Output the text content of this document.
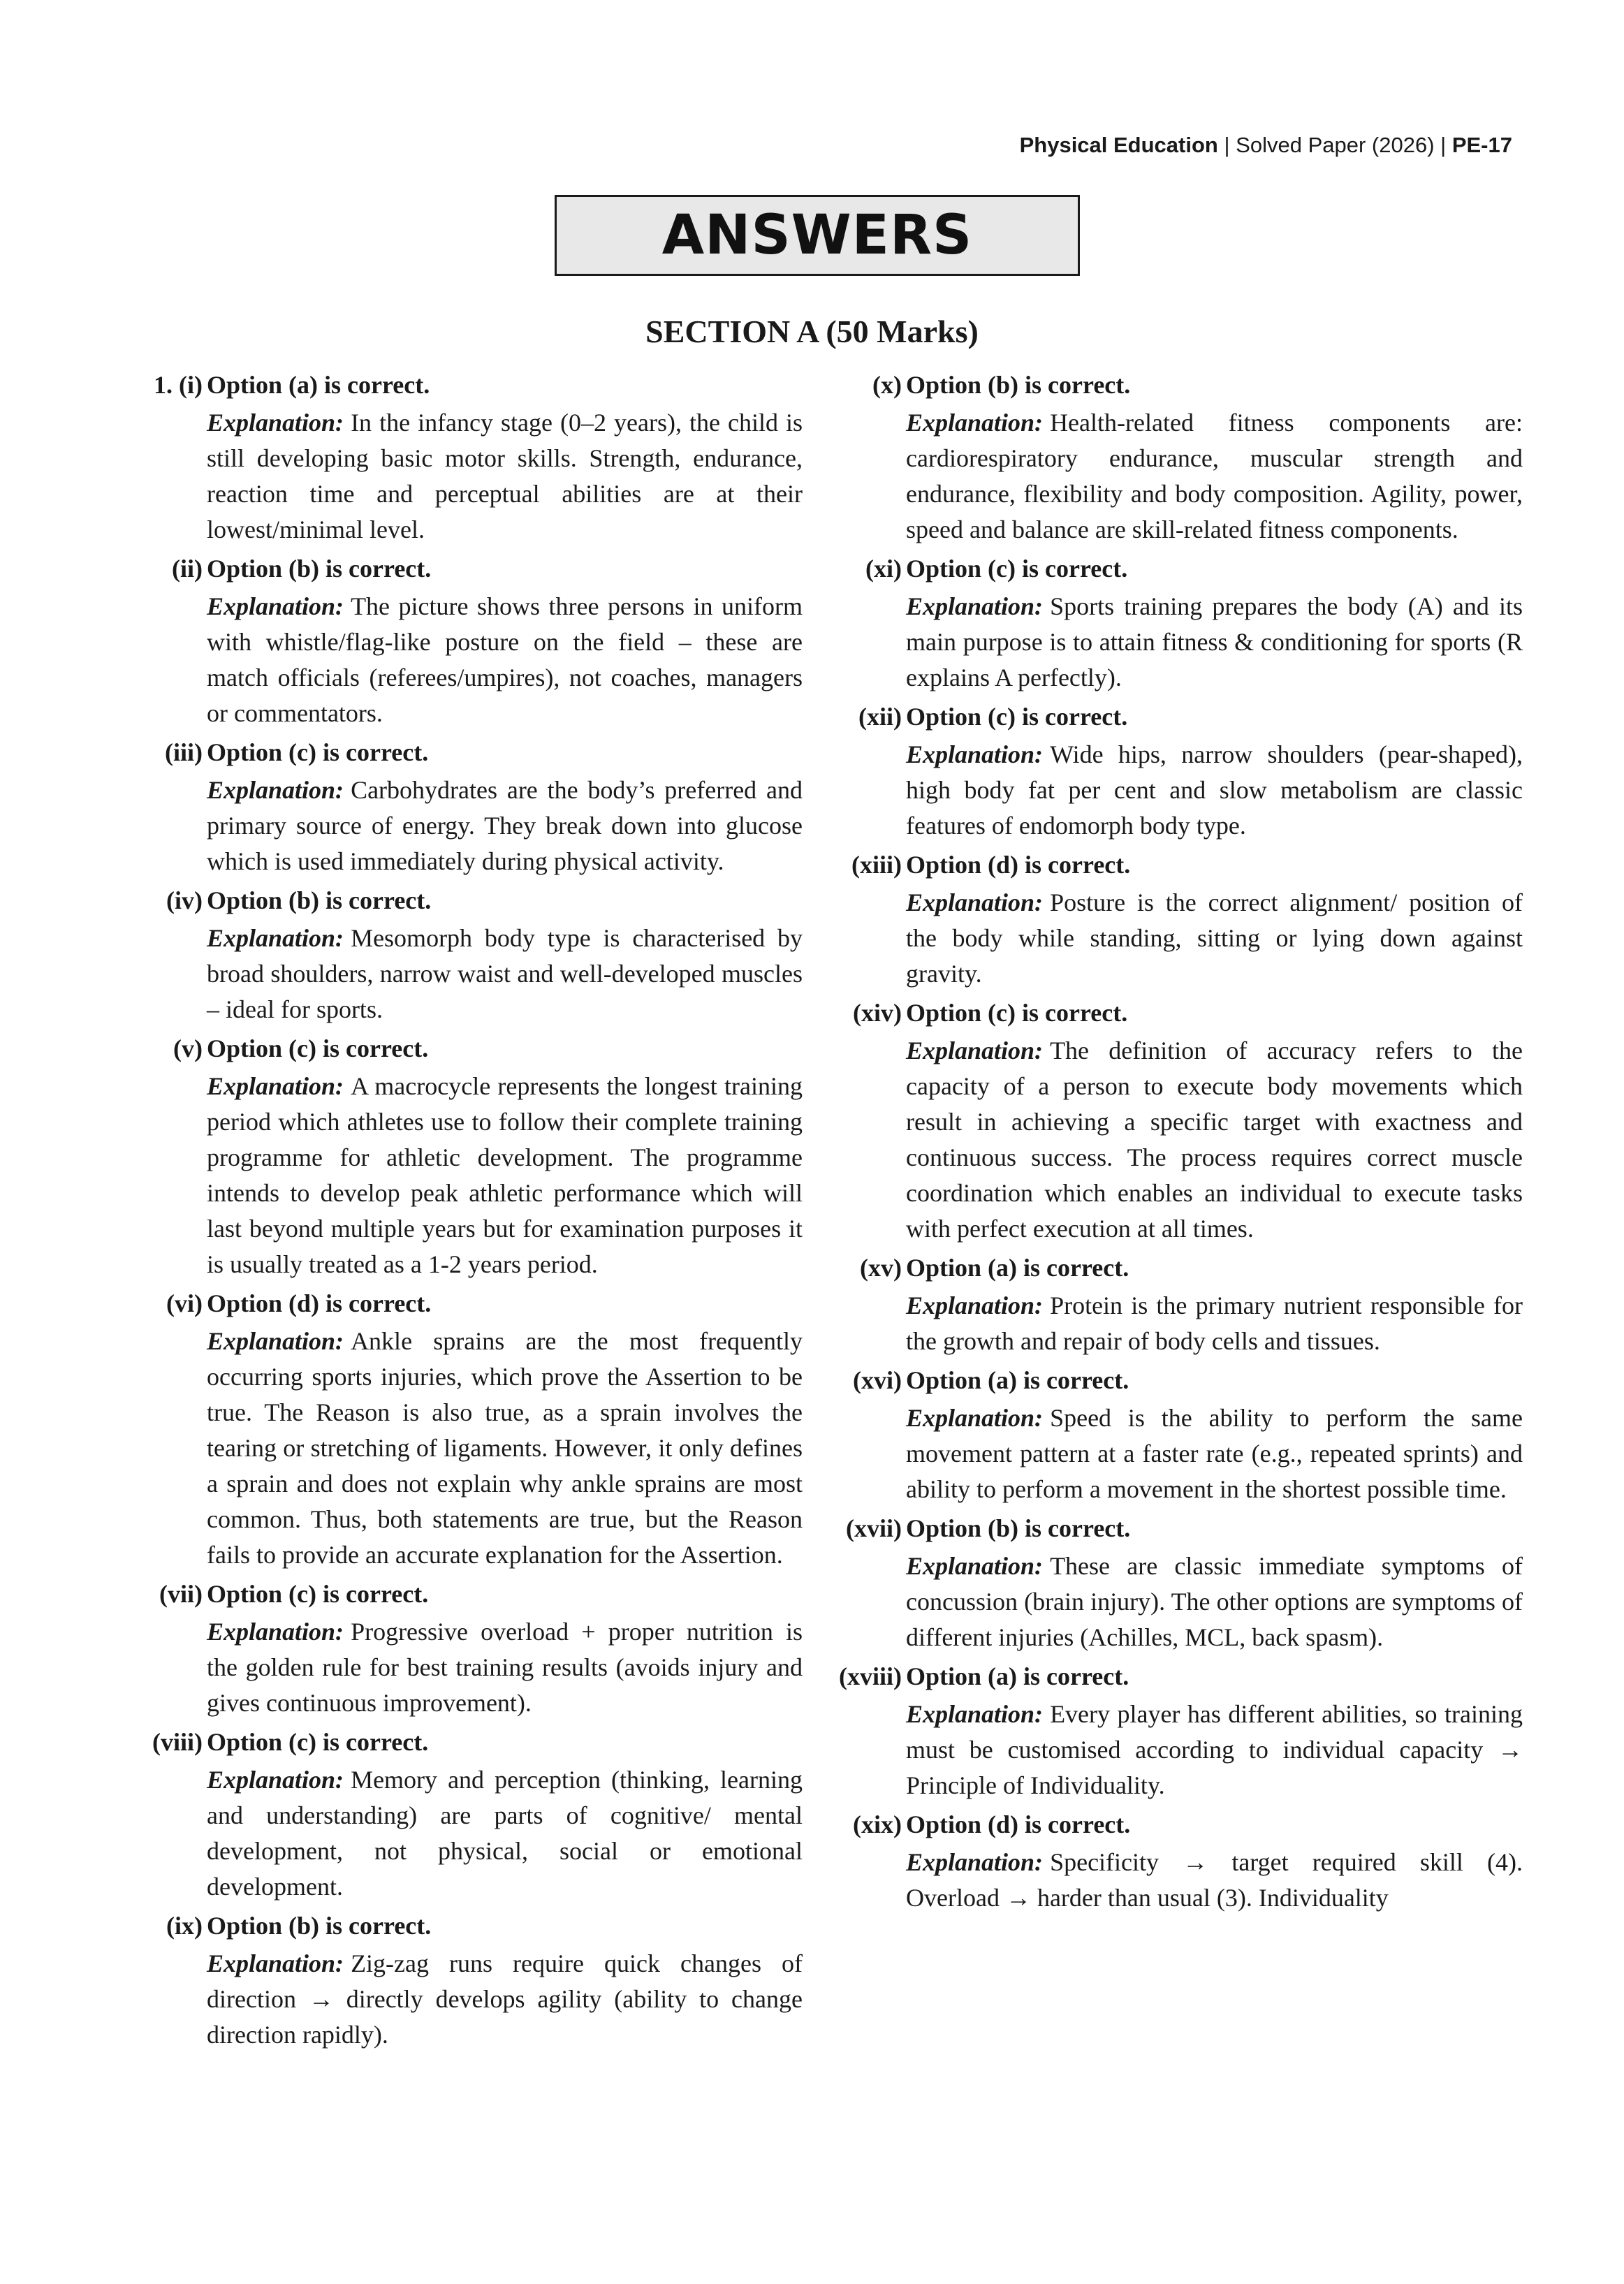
Physical Education | Solved Paper (2026) | PE-17
ANSWERS
SECTION A (50 Marks)
1. (i) Option (a) is correct.
Explanation: In the infancy stage (0–2 years), the child is still developing basic motor skills. Strength, endurance, reaction time and perceptual abilities are at their lowest/minimal level.
(ii) Option (b) is correct.
Explanation: The picture shows three persons in uniform with whistle/flag-like posture on the field – these are match officials (referees/umpires), not coaches, managers or commentators.
(iii) Option (c) is correct.
Explanation: Carbohydrates are the body’s preferred and primary source of energy. They break down into glucose which is used immediately during physical activity.
(iv) Option (b) is correct.
Explanation: Mesomorph body type is characterised by broad shoulders, narrow waist and well-developed muscles – ideal for sports.
(v) Option (c) is correct.
Explanation: A macrocycle represents the longest training period which athletes use to follow their complete training programme for athletic development. The programme intends to develop peak athletic performance which will last beyond multiple years but for examination purposes it is usually treated as a 1-2 years period.
(vi) Option (d) is correct.
Explanation: Ankle sprains are the most frequently occurring sports injuries, which prove the Assertion to be true. The Reason is also true, as a sprain involves the tearing or stretching of ligaments. However, it only defines a sprain and does not explain why ankle sprains are most common. Thus, both statements are true, but the Reason fails to provide an accurate explanation for the Assertion.
(vii) Option (c) is correct.
Explanation: Progressive overload + proper nutrition is the golden rule for best training results (avoids injury and gives continuous improvement).
(viii) Option (c) is correct.
Explanation: Memory and perception (thinking, learning and understanding) are parts of cognitive/ mental development, not physical, social or emotional development.
(ix) Option (b) is correct.
Explanation: Zig-zag runs require quick changes of direction → directly develops agility (ability to change direction rapidly).
(x) Option (b) is correct.
Explanation: Health-related fitness components are: cardiorespiratory endurance, muscular strength and endurance, flexibility and body composition. Agility, power, speed and balance are skill-related fitness components.
(xi) Option (c) is correct.
Explanation: Sports training prepares the body (A) and its main purpose is to attain fitness & conditioning for sports (R explains A perfectly).
(xii) Option (c) is correct.
Explanation: Wide hips, narrow shoulders (pear-shaped), high body fat per cent and slow metabolism are classic features of endomorph body type.
(xiii) Option (d) is correct.
Explanation: Posture is the correct alignment/ position of the body while standing, sitting or lying down against gravity.
(xiv) Option (c) is correct.
Explanation: The definition of accuracy refers to the capacity of a person to execute body movements which result in achieving a specific target with exactness and continuous success. The process requires correct muscle coordination which enables an individual to execute tasks with perfect execution at all times.
(xv) Option (a) is correct.
Explanation: Protein is the primary nutrient responsible for the growth and repair of body cells and tissues.
(xvi) Option (a) is correct.
Explanation: Speed is the ability to perform the same movement pattern at a faster rate (e.g., repeated sprints) and ability to perform a movement in the shortest possible time.
(xvii) Option (b) is correct.
Explanation: These are classic immediate symptoms of concussion (brain injury). The other options are symptoms of different injuries (Achilles, MCL, back spasm).
(xviii) Option (a) is correct.
Explanation: Every player has different abilities, so training must be customised according to individual capacity → Principle of Individuality.
(xix) Option (d) is correct.
Explanation: Specificity → target required skill (4). Overload → harder than usual (3). Individuality
